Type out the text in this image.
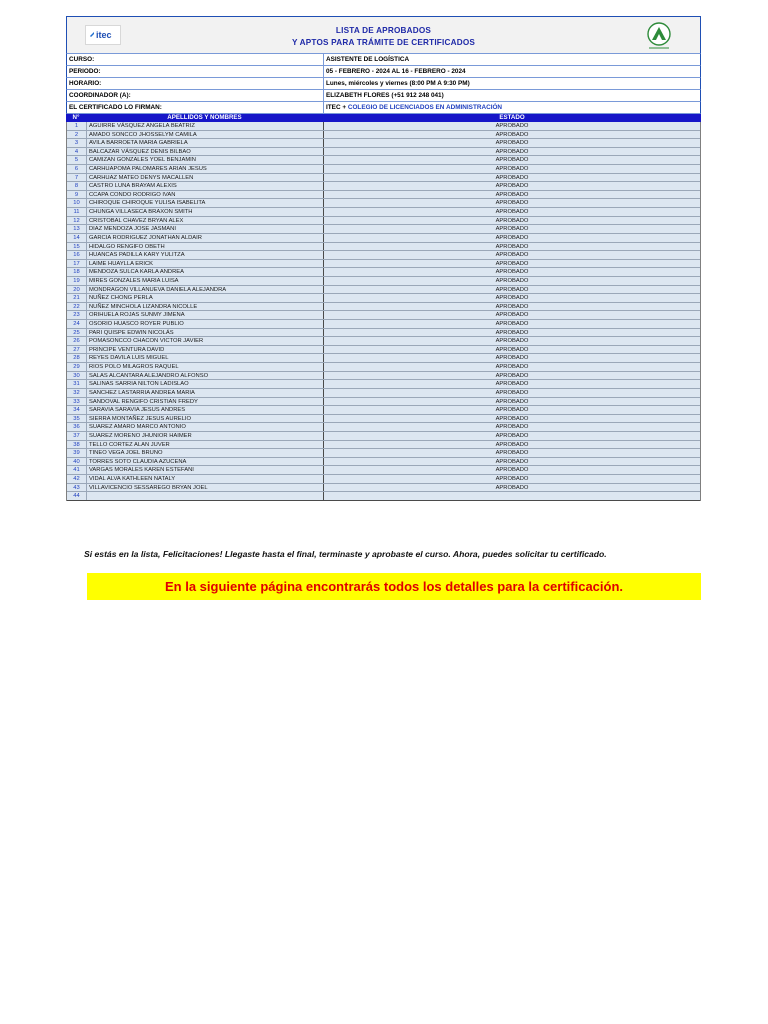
itec	LISTA DE APROBADOS
Y APTOS PARA TRÁMITE DE CERTIFICADOS
CURSO:	ASISTENTE DE LOGÍSTICA
PERIODO:	05 - FEBRERO - 2024 AL 16 - FEBRERO - 2024
HORARIO:	Lunes, miércoles y viernes (8:00 PM A 9:30 PM)
COORDINADOR (A):	ELIZABETH FLORES (+51 912 248 041)
EL CERTIFICADO LO FIRMAN:	ITEC + COLEGIO DE LICENCIADOS EN ADMINISTRACIÓN
N°	APELLIDOS Y NOMBRES	ESTADO
1	AGUIRRE VÁSQUEZ ANGELA BEATRIZ	APROBADO
2	AMADO SONCCO JHOSSELYM CAMILA	APROBADO
3	AVILA BARROETA MARIA GABRIELA	APROBADO
4	BALCAZAR VÁSQUEZ DENIS BILBAO	APROBADO
5	CAMIZAN GONZALES YOEL BENJAMIN	APROBADO
6	CARHUAPOMA PALOMARES ARIAN JESUS	APROBADO
7	CARHUAZ MATEO DENYS MACALLEN	APROBADO
8	CASTRO LUNA BRAYAM ALEXIS	APROBADO
9	CCAPA CONDO RODRIGO IVAN	APROBADO
10	CHIROQUE CHIROQUE YULISA ISABELITA	APROBADO
11	CHUNGA VILLASECA BRAXON SMITH	APROBADO
12	CRISTOBAL CHAVEZ BRYAN ALEX	APROBADO
13	DIAZ MENDOZA JOSE JASMANI	APROBADO
14	GARCIA RODRIGUEZ JONATHAN ALDAIR	APROBADO
15	HIDALGO RENGIFO OBETH	APROBADO
16	HUANCAS PADILLA KARY YULITZA	APROBADO
17	LAIME HUAYLLA ERICK	APROBADO
18	MENDOZA SULCA KARLA ANDREA	APROBADO
19	MIRES GONZALES MARIA LUISA	APROBADO
20	MONDRAGON VILLANUEVA DANIELA ALEJANDRA	APROBADO
21	NUÑEZ CHONG PERLA	APROBADO
22	NUÑEZ MINCHOLA LIZANDRA NICOLLE	APROBADO
23	ORIHUELA ROJAS SUNMY JIMENA	APROBADO
24	OSORIO HUASCO ROYER PUBLIO	APROBADO
25	PARI QUISPE EDWIN NICOLÁS	APROBADO
26	POMASONCCO CHACON VICTOR JAVIER	APROBADO
27	PRINCIPE VENTURA DAVID	APROBADO
28	REYES DAVILA LUIS MIGUEL	APROBADO
29	RIOS POLO MILAGROS RAQUEL	APROBADO
30	SALAS ALCANTARA ALEJANDRO ALFONSO	APROBADO
31	SALINAS SARRIA NILTON LADISLAO	APROBADO
32	SANCHEZ LASTARRIA ANDREA MARIA	APROBADO
33	SANDOVAL RENGIFO CRISTIAN FREDY	APROBADO
34	SARAVIA SARAVIA JESUS ANDRES	APROBADO
35	SIERRA MONTAÑEZ JESUS AURELIO	APROBADO
36	SUAREZ AMARO MARCO ANTONIO	APROBADO
37	SUAREZ MORENO JHUNIOR HAIMER	APROBADO
38	TELLO CORTEZ ALAN JUVER	APROBADO
39	TINEO VEGA JOEL BRUNO	APROBADO
40	TORRES SOTO CLAUDIA AZUCENA	APROBADO
41	VARGAS MORALES KAREN ESTEFANI	APROBADO
42	VIDAL ALVA KATHLEEN NATALY	APROBADO
43	VILLAVICENCIO SESSAREGO BRYAN JOEL	APROBADO
44
Si estás en la lista, Felicitaciones! Llegaste hasta el final, terminaste y aprobaste el curso. Ahora, puedes solicitar tu certificado.
En la siguiente página encontrarás todos los detalles para la certificación.
